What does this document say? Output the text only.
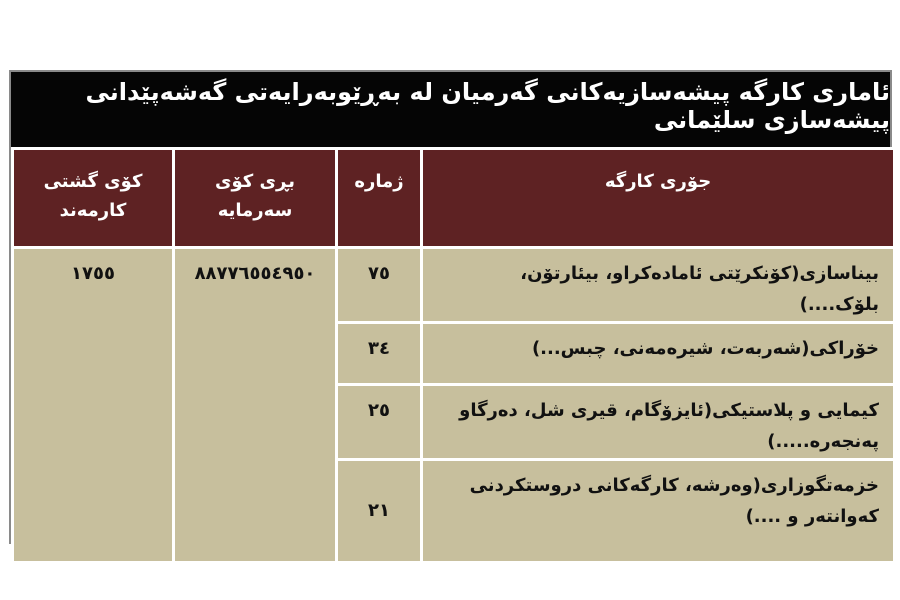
ئاماری کارگە پیشەسازیەکانی گەرمیان لە بەڕێوبەرایەتی گەشەپێدانی پیشەسازی سلێمانی
جۆری کارگە	ژمارە	بڕی کۆی سەرمایە	کۆی گشتی کارمەند
بیناسازی(کۆنکرێتی ئامادەکراو، بیئارتۆن، بلۆک....)	٧٥	٨٨٧٧٦٥٥٤٩٥٠	١٧٥٥
خۆراکی(شەربەت، شیرەمەنی، چبس...)	٣٤		
کیمایی و پلاستیکی(ئایزۆگام، قیری شل، دەرگاو پەنجەرە.....)	٢٥		
خزمەتگوزاری(وەرشە، کارگەکانی دروستکردنی کەوانتەر و ....)	٢١		
